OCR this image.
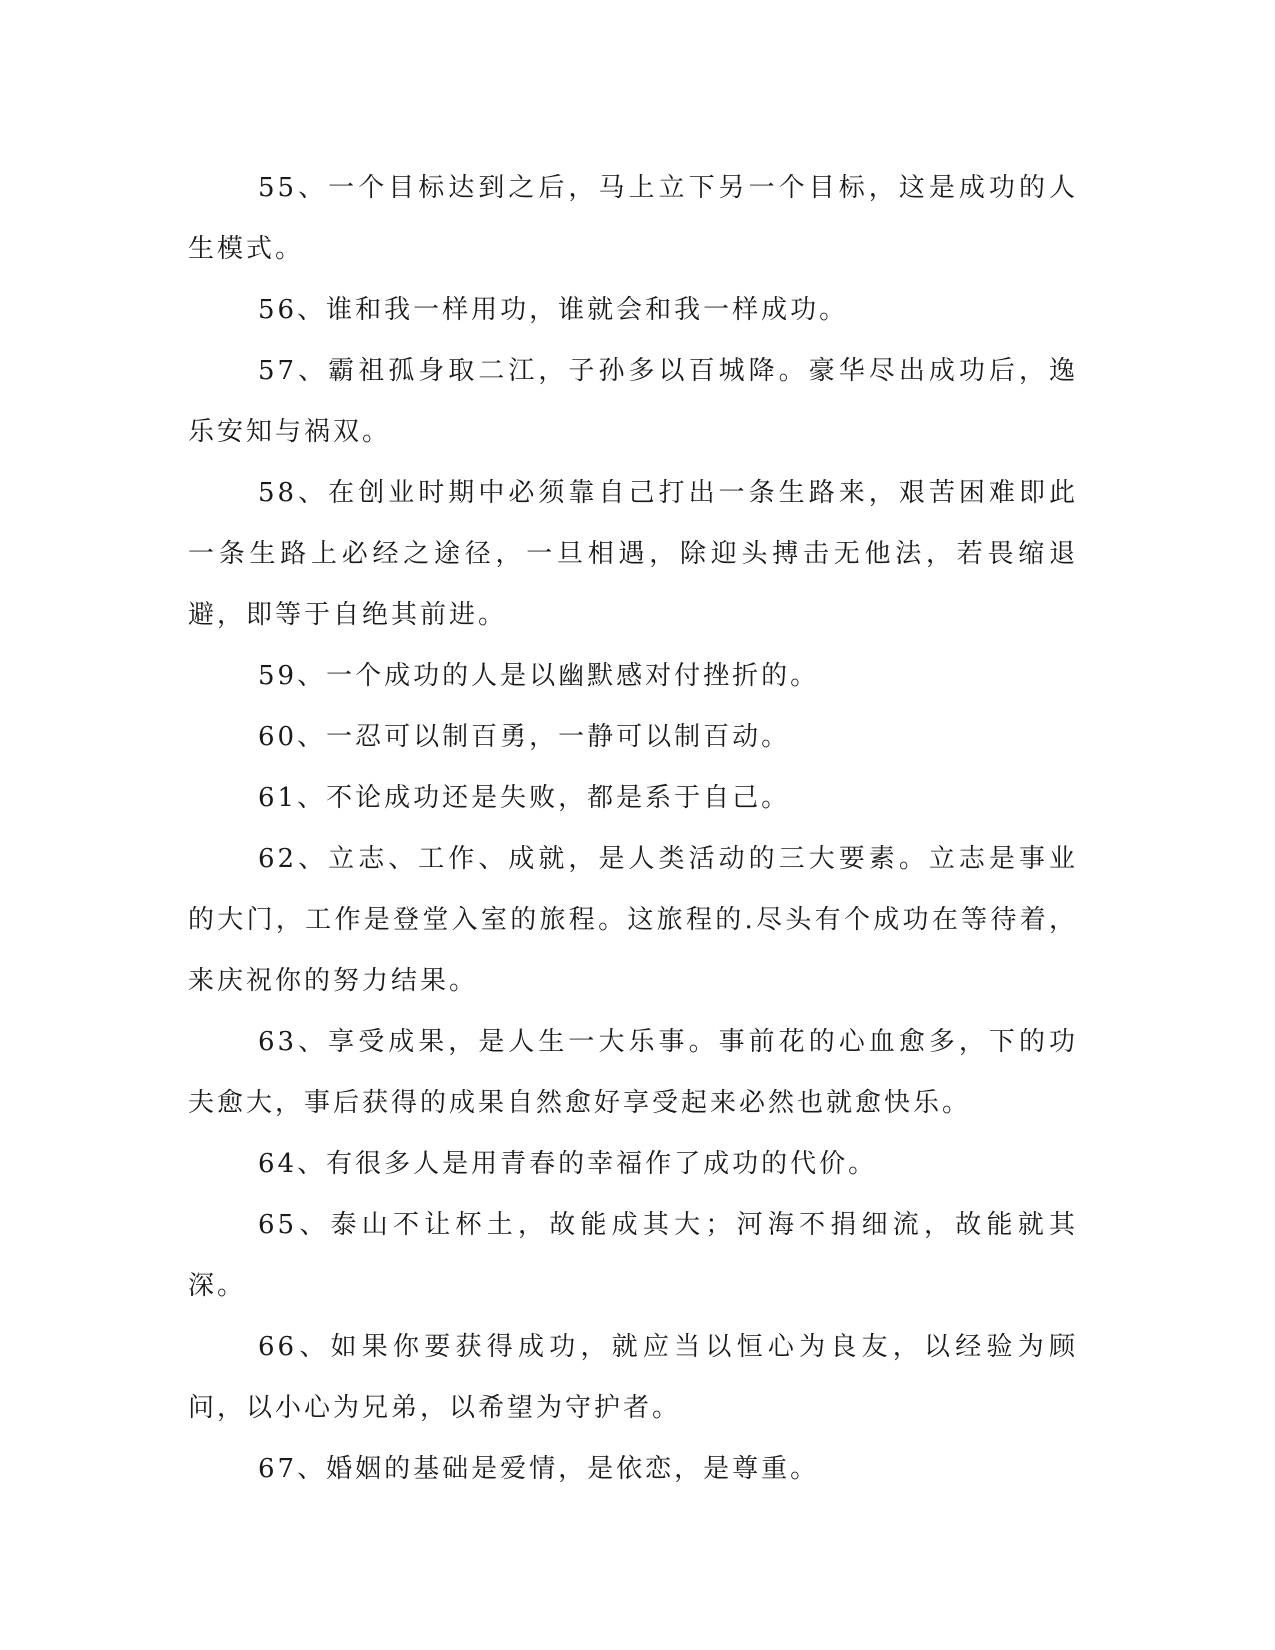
55、一个目标达到之后，马上立下另一个目标，这是成功的人生模式。

56、谁和我一样用功，谁就会和我一样成功。

57、霸祖孤身取二江，子孙多以百城降。豪华尽出成功后，逸乐安知与祸双。

58、在创业时期中必须靠自己打出一条生路来，艰苦困难即此一条生路上必经之途径，一旦相遇，除迎头搏击无他法，若畏缩退避，即等于自绝其前进。

59、一个成功的人是以幽默感对付挫折的。

60、一忍可以制百勇，一静可以制百动。

61、不论成功还是失败，都是系于自己。

62、立志、工作、成就，是人类活动的三大要素。立志是事业的大门，工作是登堂入室的旅程。这旅程的.尽头有个成功在等待着，来庆祝你的努力结果。

63、享受成果，是人生一大乐事。事前花的心血愈多，下的功夫愈大，事后获得的成果自然愈好享受起来必然也就愈快乐。

64、有很多人是用青春的幸福作了成功的代价。

65、泰山不让杯土，故能成其大；河海不捐细流，故能就其深。

66、如果你要获得成功，就应当以恒心为良友，以经验为顾问，以小心为兄弟，以希望为守护者。

67、婚姻的基础是爱情，是依恋，是尊重。
